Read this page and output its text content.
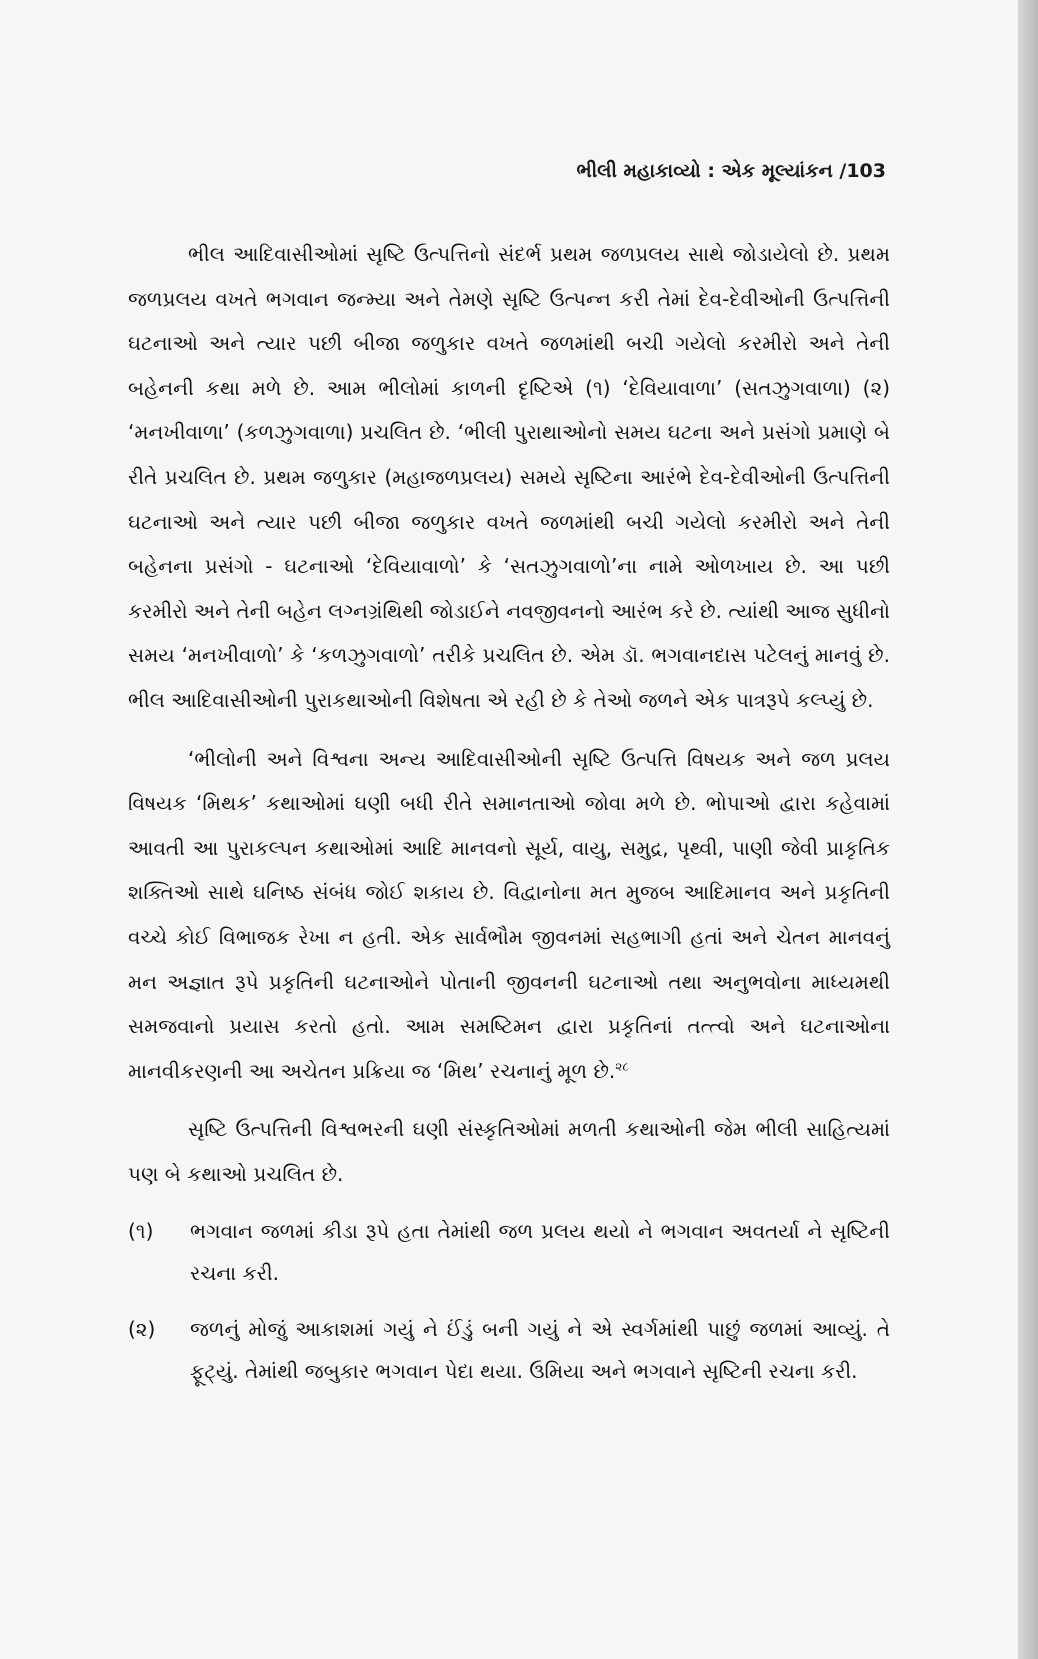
ભીલી મહાકાવ્યો : એક મૂલ્યાંકન /103

ભીલ આદિવાસીઓમાં સૃષ્ટિ ઉત્પત્તિનો સંદર્ભ પ્રથમ જળપ્રલય સાથે જોડાયેલો છે. પ્રથમ જળપ્રલય વખતે ભગવાન જન્મ્યા અને તેમણે સૃષ્ટિ ઉત્પન્ન કરી તેમાં દેવ-દેવીઓની ઉત્પત્તિની ઘટનાઓ અને ત્યાર પછી બીજા જળુકાર વખતે જળમાંથી બચી ગયેલો કરમીરો અને તેની બહેનની કથા મળે છે. આમ ભીલોમાં કાળની દૃષ્ટિએ (૧) ‘દેવિયાવાળા’ (સતઝુગવાળા) (૨) ‘મનખીવાળા’ (કળઝુગવાળા) પ્રચલિત છે. ‘ભીલી પુરાથાઓનો સમય ઘટના અને પ્રસંગો પ્રમાણે બે રીતે પ્રચલિત છે. પ્રથમ જળુકાર (મહાજળપ્રલય) સમયે સૃષ્ટિના આરંભે દેવ-દેવીઓની ઉત્પત્તિની ઘટનાઓ અને ત્યાર પછી બીજા જળુકાર વખતે જળમાંથી બચી ગયેલો કરમીરો અને તેની બહેનના પ્રસંગો - ઘટનાઓ ‘દેવિયાવાળો’ કે ‘સતઝુગવાળો’ના નામે ઓળખાય છે. આ પછી કરમીરો અને તેની બહેન લગ્નગ્રંથિથી જોડાઈને નવજીવનનો આરંભ કરે છે. ત્યાંથી આજ સુધીનો સમય ‘મનખીવાળો’ કે ‘કળઝુગવાળો’ તરીકે પ્રચલિત છે. એમ ડૉ. ભગવાનદાસ પટેલનું માનવું છે. ભીલ આદિવાસીઓની પુરાકથાઓની વિશેષતા એ રહી છે કે તેઓ જળને એક પાત્રરૂપે કલ્પ્યું છે.

‘ભીલોની અને વિશ્વના અન્ય આદિવાસીઓની સૃષ્ટિ ઉત્પત્તિ વિષયક અને જળ પ્રલય વિષયક ‘મિથક’ કથાઓમાં ઘણી બધી રીતે સમાનતાઓ જોવા મળે છે. ભોપાઓ દ્વારા કહેવામાં આવતી આ પુરાકલ્પન કથાઓમાં આદિ માનવનો સૂર્ય, વાયુ, સમુદ્ર, પૃથ્વી, પાણી જેવી પ્રાકૃતિક શક્તિઓ સાથે ઘનિષ્ઠ સંબંધ જોઈ શકાય છે. વિદ્વાનોના મત મુજબ આદિમાનવ અને પ્રકૃતિની વચ્ચે કોઈ વિભાજક રેખા ન હતી. એક સાર્વભૌમ જીવનમાં સહભાગી હતાં અને ચેતન માનવનું મન અજ્ઞાત રૂપે પ્રકૃતિની ઘટનાઓને પોતાની જીવનની ઘટનાઓ તથા અનુભવોના માધ્યમથી સમજવાનો પ્રયાસ કરતો હતો. આમ સમષ્ટિમન દ્વારા પ્રકૃતિનાં તત્ત્વો અને ઘટનાઓના માનવીકરણની આ અચેતન પ્રક્રિયા જ ‘મિથ’ રચનાનું મૂળ છે.$^{૨૮}$

સૃષ્ટિ ઉત્પત્તિની વિશ્વભરની ઘણી સંસ્કૃતિઓમાં મળતી કથાઓની જેમ ભીલી સાહિત્યમાં પણ બે કથાઓ પ્રચલિત છે.

(૧)	ભગવાન જળમાં કીડા રૂપે હતા તેમાંથી જળ પ્રલય થયો ને ભગવાન અવતર્યા ને સૃષ્ટિની રચના કરી.
(૨)	જળનું મોજું આકાશમાં ગયું ને ઈંડું બની ગયું ને એ સ્વર્ગમાંથી પાછું જળમાં આવ્યું. તે ફૂટ્યું. તેમાંથી જબુકાર ભગવાન પેદા થયા. ઉમિયા અને ભગવાને સૃષ્ટિની રચના કરી.
